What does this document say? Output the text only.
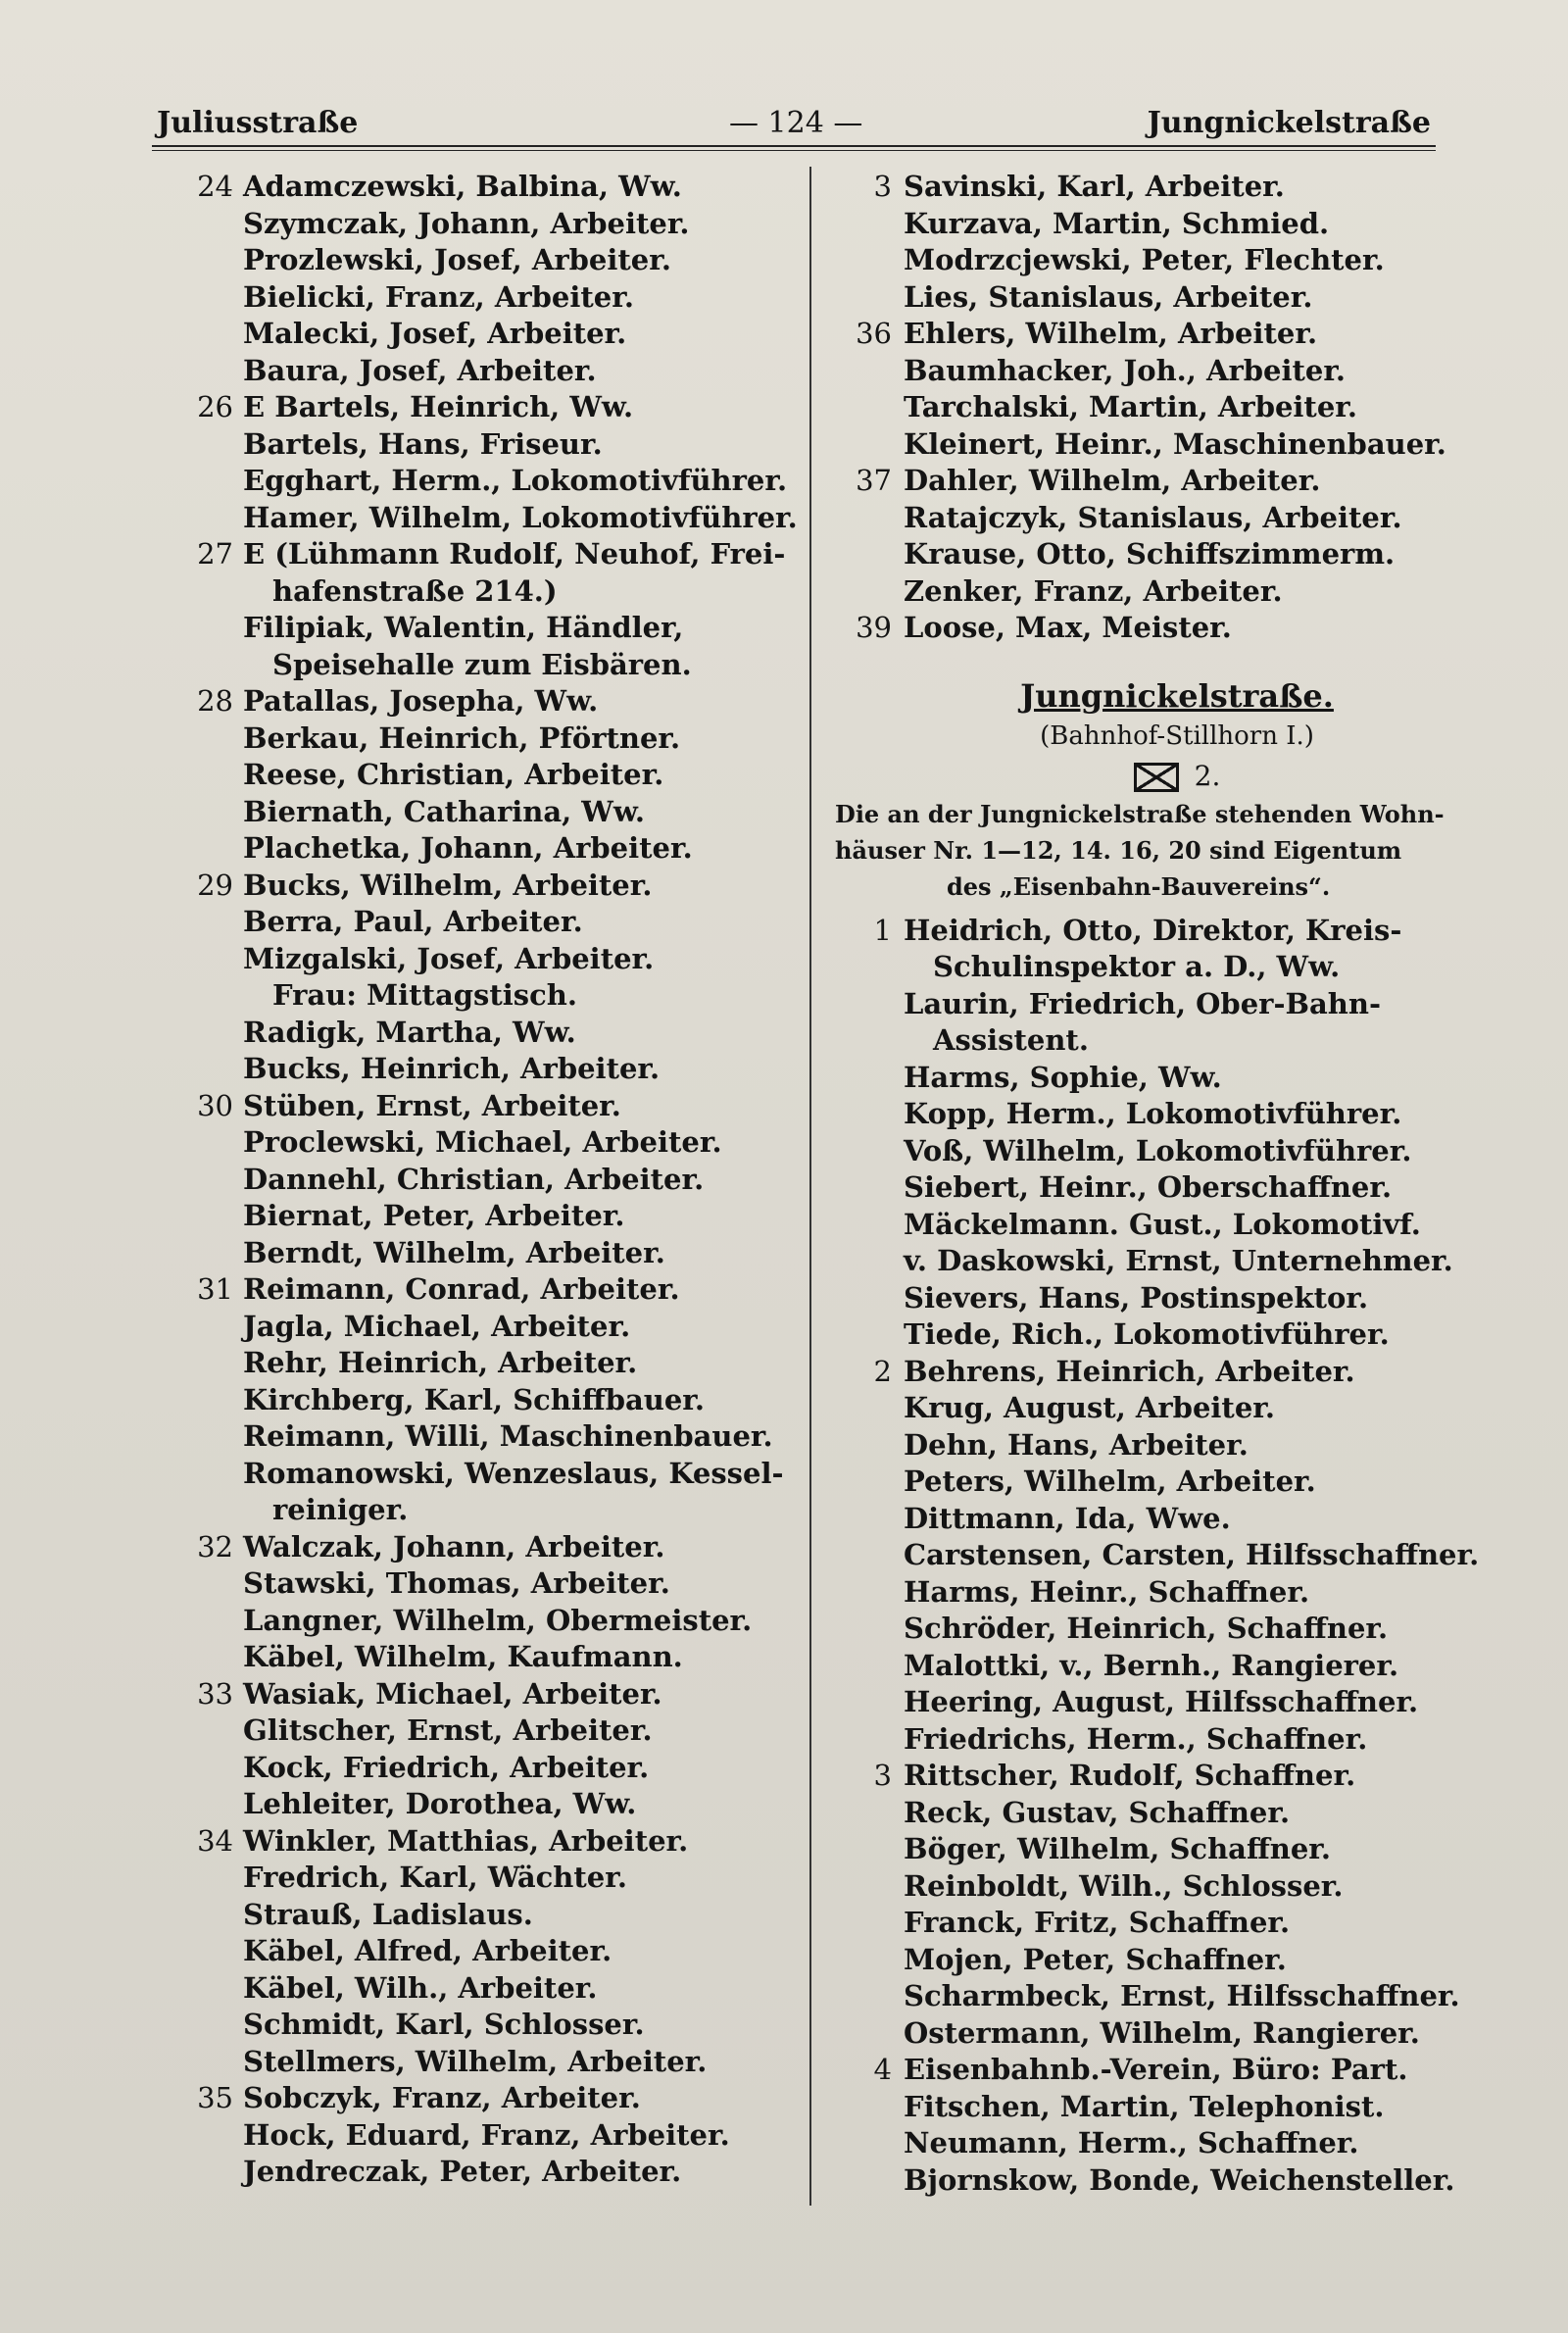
Juliusstraße	— 124 —	Jungnickelstraße
24 Adamczewski, Balbina, Ww.
Szymczak, Johann, Arbeiter.
Prozlewski, Josef, Arbeiter.
Bielicki, Franz, Arbeiter.
Malecki, Josef, Arbeiter.
Baura, Josef, Arbeiter.
26 E Bartels, Heinrich, Ww.
Bartels, Hans, Friseur.
Egghart, Herm., Lokomotivführer.
Hamer, Wilhelm, Lokomotivführer.
27 E (Lühmann Rudolf, Neuhof, Frei-
hafenstraße 214.)
Filipiak, Walentin, Händler,
Speisehalle zum Eisbären.
28 Patallas, Josepha, Ww.
Berkau, Heinrich, Pförtner.
Reese, Christian, Arbeiter.
Biernath, Catharina, Ww.
Plachetka, Johann, Arbeiter.
29 Bucks, Wilhelm, Arbeiter.
Berra, Paul, Arbeiter.
Mizgalski, Josef, Arbeiter.
Frau: Mittagstisch.
Radigk, Martha, Ww.
Bucks, Heinrich, Arbeiter.
30 Stüben, Ernst, Arbeiter.
Proclewski, Michael, Arbeiter.
Dannehl, Christian, Arbeiter.
Biernat, Peter, Arbeiter.
Berndt, Wilhelm, Arbeiter.
31 Reimann, Conrad, Arbeiter.
Jagla, Michael, Arbeiter.
Rehr, Heinrich, Arbeiter.
Kirchberg, Karl, Schiffbauer.
Reimann, Willi, Maschinenbauer.
Romanowski, Wenzeslaus, Kessel-
reiniger.
32 Walczak, Johann, Arbeiter.
Stawski, Thomas, Arbeiter.
Langner, Wilhelm, Obermeister.
Käbel, Wilhelm, Kaufmann.
33 Wasiak, Michael, Arbeiter.
Glitscher, Ernst, Arbeiter.
Kock, Friedrich, Arbeiter.
Lehleiter, Dorothea, Ww.
34 Winkler, Matthias, Arbeiter.
Fredrich, Karl, Wächter.
Strauß, Ladislaus.
Käbel, Alfred, Arbeiter.
Käbel, Wilh., Arbeiter.
Schmidt, Karl, Schlosser.
Stellmers, Wilhelm, Arbeiter.
35 Sobczyk, Franz, Arbeiter.
Hock, Eduard, Franz, Arbeiter.
Jendreczak, Peter, Arbeiter.
3 Savinski, Karl, Arbeiter.
Kurzava, Martin, Schmied.
Modrzcjewski, Peter, Flechter.
Lies, Stanislaus, Arbeiter.
36 Ehlers, Wilhelm, Arbeiter.
Baumhacker, Joh., Arbeiter.
Tarchalski, Martin, Arbeiter.
Kleinert, Heinr., Maschinenbauer.
37 Dahler, Wilhelm, Arbeiter.
Ratajczyk, Stanislaus, Arbeiter.
Krause, Otto, Schiffszimmerm.
Zenker, Franz, Arbeiter.
39 Loose, Max, Meister.
Jungnickelstraße.
(Bahnhof-Stillhorn I.)
2.
Die an der Jungnickelstraße stehenden Wohn-
häuser Nr. 1—12, 14. 16, 20 sind Eigentum
des „Eisenbahn-Bauvereins“.
1 Heidrich, Otto, Direktor, Kreis-
Schulinspektor a. D., Ww.
Laurin, Friedrich, Ober-Bahn-
Assistent.
Harms, Sophie, Ww.
Kopp, Herm., Lokomotivführer.
Voß, Wilhelm, Lokomotivführer.
Siebert, Heinr., Oberschaffner.
Mäckelmann. Gust., Lokomotivf.
v. Daskowski, Ernst, Unternehmer.
Sievers, Hans, Postinspektor.
Tiede, Rich., Lokomotivführer.
2 Behrens, Heinrich, Arbeiter.
Krug, August, Arbeiter.
Dehn, Hans, Arbeiter.
Peters, Wilhelm, Arbeiter.
Dittmann, Ida, Wwe.
Carstensen, Carsten, Hilfsschaffner.
Harms, Heinr., Schaffner.
Schröder, Heinrich, Schaffner.
Malottki, v., Bernh., Rangierer.
Heering, August, Hilfsschaffner.
Friedrichs, Herm., Schaffner.
3 Rittscher, Rudolf, Schaffner.
Reck, Gustav, Schaffner.
Böger, Wilhelm, Schaffner.
Reinboldt, Wilh., Schlosser.
Franck, Fritz, Schaffner.
Mojen, Peter, Schaffner.
Scharmbeck, Ernst, Hilfsschaffner.
Ostermann, Wilhelm, Rangierer.
4 Eisenbahnb.-Verein, Büro: Part.
Fitschen, Martin, Telephonist.
Neumann, Herm., Schaffner.
Bjornskow, Bonde, Weichensteller.
